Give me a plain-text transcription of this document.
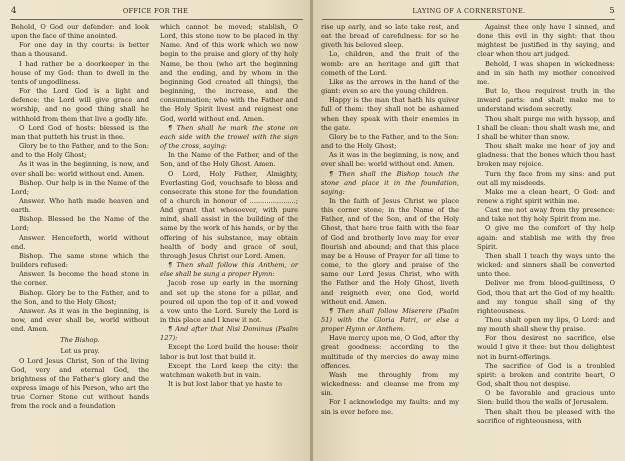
4	OFFICE FOR THE

Behold, O God our defender: and look upon the face of thine anointed.

For one day in thy courts: is better than a thousand.

I had rather be a doorkeeper in the house of my God: than to dwell in the tents of ungodliness.

For the Lord God is a light and defence: the Lord will give grace and worship, and no good thing shall he withhold from them that live a godly life.

O Lord God of hosts: blessed is the man that putteth his trust in thee.

Glory be to the Father, and to the Son: and to the Holy Ghost;

As it was in the beginning, is now, and ever shall be: world without end. Amen.

Bishop. Our help is in the Name of the Lord;

Answer. Who hath made heaven and earth.

Bishop. Blessed be the Name of the Lord;

Answer. Henceforth, world without end.

Bishop. The same stone which the builders refused:

Answer. Is become the head stone in the corner.

Bishop. Glory be to the Father, and to the Son, and to the Holy Ghost;

Answer. As it was in the beginning, is now, and ever shall be, world without end. Amen.

The Bishop.

Let us pray.

O Lord Jesus Christ, Son of the living God, very and eternal God, the brightness of the Father's glory and the express image of his Person, who art the true Corner Stone cut without hands from the rock and a foundation

which cannot be moved; stablish, O Lord, this stone now to be placed in thy Name. And of this work which we now begin to the praise and glory of thy holy Name, be thou (who art the beginning and the ending, and by whom in the beginning God created all things), the beginning, the increase, and the consummation; who with the Father and the Holy Spirit livest and reignest one God, world without end. Amen.

¶ Then shall he mark the stone on each side with the trowel with the sign of the cross, saying:

In the Name of the Father, and of the Son, and of the Holy Ghost. Amen.

O Lord, Holy Father, Almighty, Everlasting God, vouchsafe to bless and consecrate this stone for the foundation of a church in honour of ......................; And grant that whosoever, with pure mind, shall assist in the building of the same by the work of his hands, or by the offering of his substance, may obtain health of body and grace of soul, through Jesus Christ our Lord. Amen.

¶ Then shall follow this Anthem, or else shall be sung a proper Hymn:

Jacob rose up early in the morning and set up the stone for a pillar, and poured oil upon the top of it and vowed a vow unto the Lord. Surely the Lord is in this place and I knew it not.

¶ And after that Nisi Dominus (Psalm 127):

Except the Lord build the house: their labor is but lost that build it.

Except the Lord keep the city: the watchman waketh but in vain.

It is but lost labor that ye haste to

LAYING OF A CORNERSTONE.	5

rise up early, and so late take rest, and eat the bread of carefulness: for so he giveth his beloved sleep.

Lo, children, and the fruit of the womb: are an heritage and gift that cometh of the Lord.

Like as the arrows in the hand of the giant: even so are the young children.

Happy is the man that hath his quiver full of them: they shall not be ashamed when they speak with their enemies in the gate.

Glory be to the Father, and to the Son: and to the Holy Ghost;

As it was in the beginning, is now, and ever shall be: world without end. Amen.

¶ Then shall the Bishop touch the stone and place it in the foundation, saying:

In the faith of Jesus Christ we place this corner stone; in the Name of the Father, and of the Son, and of the Holy Ghost, that here true faith with the fear of God and brotherly love may for ever flourish and abound; and that this place may be a House of Prayer for all time to come, to the glory and praise of the same our Lord Jesus Christ, who with the Father and the Holy Ghost, liveth and reigneth ever, one God, world without end. Amen.

¶ Then shall follow Miserere (Psalm 51) with the Gloria Patri, or else a proper Hymn or Anthem.

Have mercy upon me, O God, after thy great goodness: according to the multitude of thy mercies do away mine offences.

Wash me throughly from my wickedness: and cleanse me from my sin.

For I acknowledge my faults: and my sin is ever before me.

Against thee only have I sinned, and done this evil in thy sight: that thou mightest be justified in thy saying, and clear when thou art judged.

Behold, I was shapen in wickedness: and in sin hath my mother conceived me.

But lo, thou requirest truth in the inward parts: and shalt make me to understand wisdom secretly.

Thou shalt purge me with hyssop, and I shall be clean: thou shalt wash me, and I shall be whiter than snow.

Thou shalt make me hear of joy and gladness: that the bones which thou hast broken may rejoice.

Turn thy face from my sins: and put out all my misdeeds.

Make me a clean heart, O God: and renew a right spirit within me.

Cast me not away from thy presence: and take not thy holy Spirit from me.

O give me the comfort of thy help again: and stablish me with thy free Spirit.

Then shall I teach thy ways unto the wicked: and sinners shall be converted unto thee.

Deliver me from blood-guiltiness, O God, thou that art the God of my health: and my tongue shall sing of thy righteousness.

Thou shalt open my lips, O Lord: and my mouth shall shew thy praise.

For thou desirest no sacrifice, else would I give it thee: but thou delightest not in burnt-offerings.

The sacrifice of God is a troubled spirit: a broken and contrite heart, O God, shalt thou not despise.

O be favorable and gracious unto Sion: build thou the walls of Jerusalem.

Then shalt thou be pleased with the sacrifice of righteousness, with
